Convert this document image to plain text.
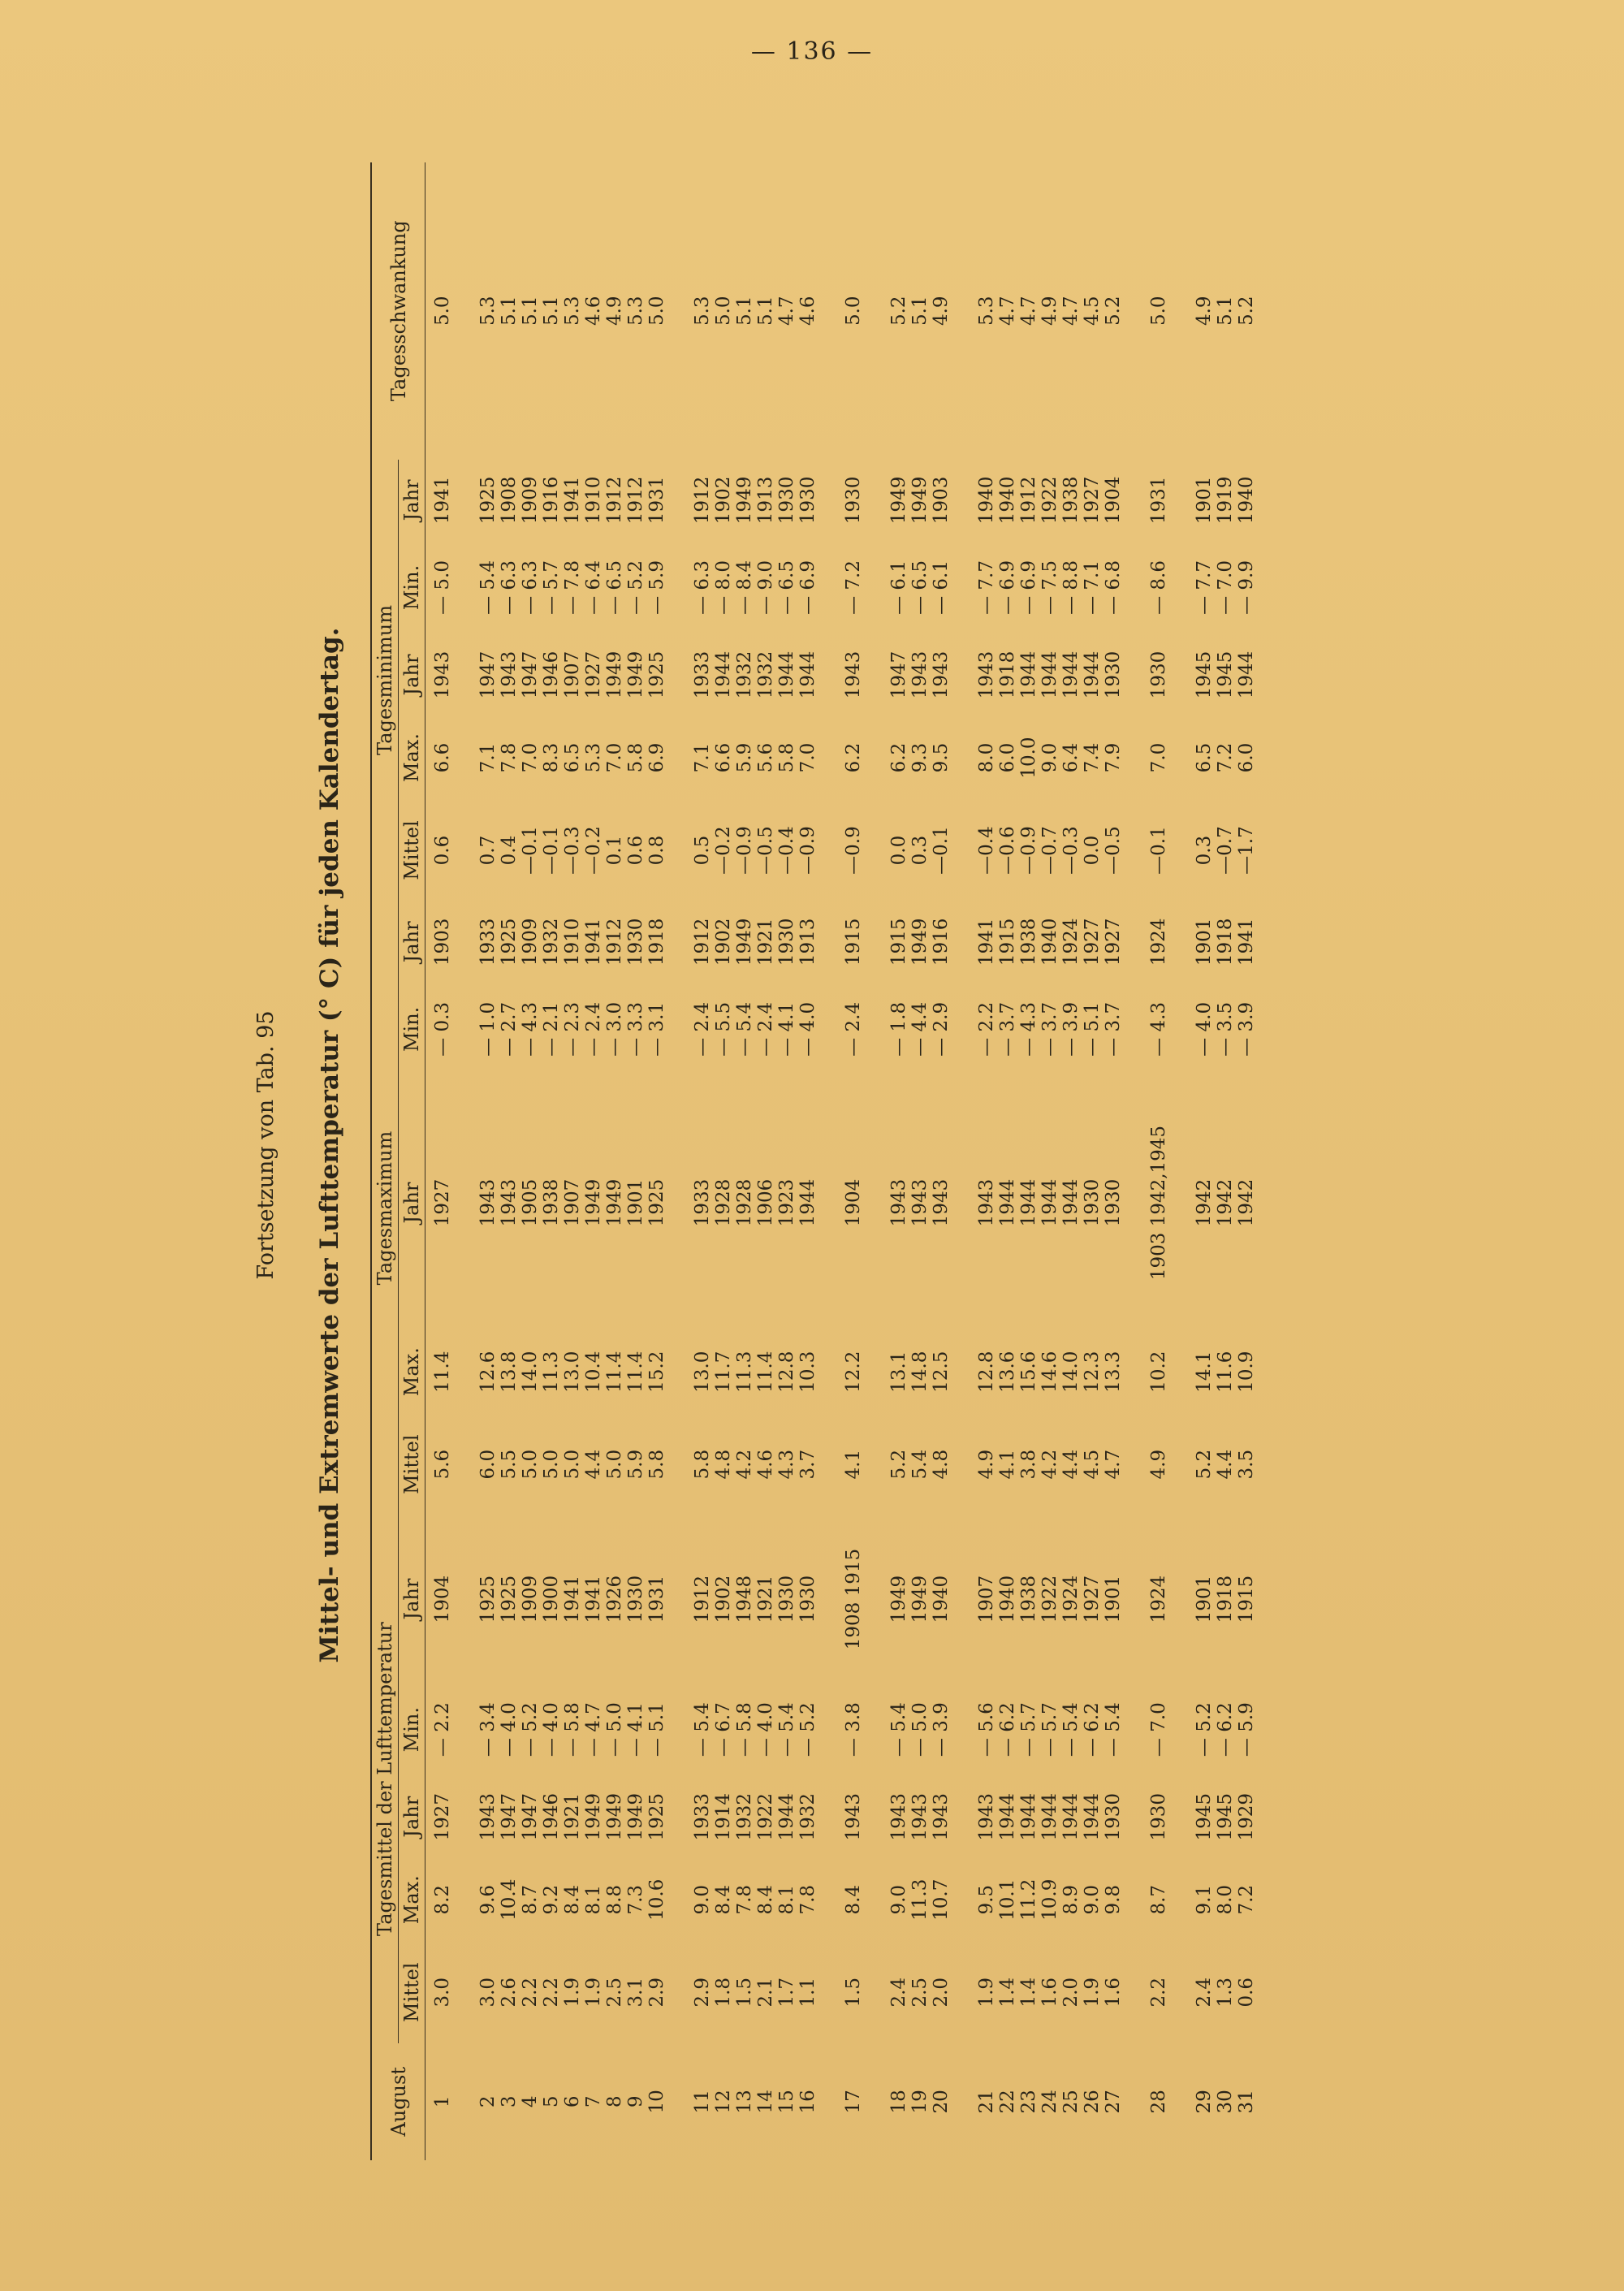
— 136 —
Fortsetzung von Tab. 95 Mittel- und Extremwerte der Lufttemperatur (° C) für jeden Kalendertag.
August	Tagesmittel der Lufttemperatur					Tagesmaximum					Tagesminimum					Tagesschwankung
	Mittel	Max.	Jahr	Min.	Jahr	Mittel	Max.	Jahr	Min.	Jahr	Mittel	Max.	Jahr	Min.	Jahr	
1	3.0	8.2	1927	— 2.2	1904	5.6	11.4	1927	— 0.3	1903	0.6	6.6	1943	— 5.0	1941	5.0

2	3.0	9.6	1943	— 3.4	1925	6.0	12.6	1943	— 1.0	1933	0.7	7.1	1947	— 5.4	1925	5.3
3	2.6	10.4	1947	— 4.0	1925	5.5	13.8	1943	— 2.7	1925	0.4	7.8	1943	— 6.3	1908	5.1
4	2.2	8.7	1947	— 5.2	1909	5.0	14.0	1905	— 4.3	1909	—0.1	7.0	1947	— 6.3	1909	5.1
5	2.2	9.2	1946	— 4.0	1900	5.0	11.3	1938	— 2.1	1932	—0.1	8.3	1946	— 5.7	1916	5.1
6	1.9	8.4	1921	— 5.8	1941	5.0	13.0	1907	— 2.3	1910	—0.3	6.5	1907	— 7.8	1941	5.3
7	1.9	8.1	1949	— 4.7	1941	4.4	10.4	1949	— 2.4	1941	—0.2	5.3	1927	— 6.4	1910	4.6
8	2.5	8.8	1949	— 5.0	1926	5.0	11.4	1949	— 3.0	1912	0.1	7.0	1949	— 6.5	1912	4.9
9	3.1	7.3	1949	— 4.1	1930	5.9	11.4	1901	— 3.3	1930	0.6	5.8	1949	— 5.2	1912	5.3
10	2.9	10.6	1925	— 5.1	1931	5.8	15.2	1925	— 3.1	1918	0.8	6.9	1925	— 5.9	1931	5.0

11	2.9	9.0	1933	— 5.4	1912	5.8	13.0	1933	— 2.4	1912	0.5	7.1	1933	— 6.3	1912	5.3
12	1.8	8.4	1914	— 6.7	1902	4.8	11.7	1928	— 5.5	1902	—0.2	6.6	1944	— 8.0	1902	5.0
13	1.5	7.8	1932	— 5.8	1948	4.2	11.3	1928	— 5.4	1949	—0.9	5.9	1932	— 8.4	1949	5.1
14	2.1	8.4	1922	— 4.0	1921	4.6	11.4	1906	— 2.4	1921	—0.5	5.6	1932	— 9.0	1913	5.1
15	1.7	8.1	1944	— 5.4	1930	4.3	12.8	1923	— 4.1	1930	—0.4	5.8	1944	— 6.5	1930	4.7
16	1.1	7.8	1932	— 5.2	1930	3.7	10.3	1944	— 4.0	1913	—0.9	7.0	1944	— 6.9	1930	4.6

17	1.5	8.4	1943	— 3.8	1908 1915	4.1	12.2	1904	— 2.4	1915	—0.9	6.2	1943	— 7.2	1930	5.0

18	2.4	9.0	1943	— 5.4	1949	5.2	13.1	1943	— 1.8	1915	0.0	6.2	1947	— 6.1	1949	5.2
19	2.5	11.3	1943	— 5.0	1949	5.4	14.8	1943	— 4.4	1949	0.3	9.3	1943	— 6.5	1949	5.1
20	2.0	10.7	1943	— 3.9	1940	4.8	12.5	1943	— 2.9	1916	—0.1	9.5	1943	— 6.1	1903	4.9

21	1.9	9.5	1943	— 5.6	1907	4.9	12.8	1943	— 2.2	1941	—0.4	8.0	1943	— 7.7	1940	5.3
22	1.4	10.1	1944	— 6.2	1940	4.1	13.6	1944	— 3.7	1915	—0.6	6.0	1918	— 6.9	1940	4.7
23	1.4	11.2	1944	— 5.7	1938	3.8	15.6	1944	— 4.3	1938	—0.9	10.0	1944	— 6.9	1912	4.7
24	1.6	10.9	1944	— 5.7	1922	4.2	14.6	1944	— 3.7	1940	—0.7	9.0	1944	— 7.5	1922	4.9
25	2.0	8.9	1944	— 5.4	1924	4.4	14.0	1944	— 3.9	1924	—0.3	6.4	1944	— 8.8	1938	4.7
26	1.9	9.0	1944	— 6.2	1927	4.5	12.3	1930	— 5.1	1927	0.0	7.4	1944	— 7.1	1927	4.5
27	1.6	9.8	1930	— 5.4	1901	4.7	13.3	1930	— 3.7	1927	—0.5	7.9	1930	— 6.8	1904	5.2

28	2.2	8.7	1930	— 7.0	1924	4.9	10.2	1903 1942,1945	— 4.3	1924	—0.1	7.0	1930	— 8.6	1931	5.0

29	2.4	9.1	1945	— 5.2	1901	5.2	14.1	1942	— 4.0	1901	0.3	6.5	1945	— 7.7	1901	4.9
30	1.3	8.0	1945	— 6.2	1918	4.4	11.6	1942	— 3.5	1918	—0.7	7.2	1945	— 7.0	1919	5.1
31	0.6	7.2	1929	— 5.9	1915	3.5	10.9	1942	— 3.9	1941	—1.7	6.0	1944	— 9.9	1940	5.2
